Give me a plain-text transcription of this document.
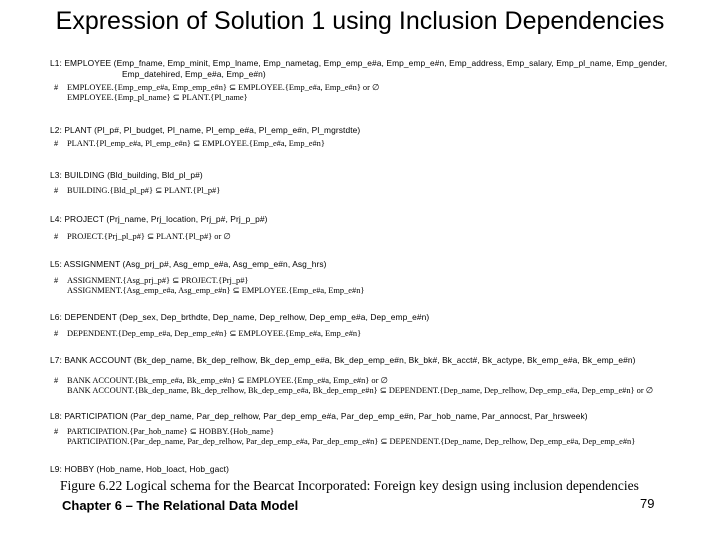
Expression of Solution 1 using Inclusion Dependencies
L1: EMPLOYEE (Emp_fname, Emp_minit, Emp_lname, Emp_nametag, Emp_emp_e#a, Emp_emp_e#n, Emp_address, Emp_salary, Emp_pl_name, Emp_gender,
Emp_datehired, Emp_e#a, Emp_e#n)
# EMPLOYEE.{Emp_emp_e#a, Emp_emp_e#n} ⊆ EMPLOYEE.{Emp_e#a, Emp_e#n} or ∅
EMPLOYEE.{Emp_pl_name} ⊆ PLANT.{Pl_name}
L2: PLANT (Pl_p#, Pl_budget, Pl_name, Pl_emp_e#a, Pl_emp_e#n, Pl_mgrstdte)
# PLANT.{Pl_emp_e#a, Pl_emp_e#n} ⊆ EMPLOYEE.{Emp_e#a, Emp_e#n}
L3: BUILDING (Bld_building, Bld_pl_p#)
# BUILDING.{Bld_pl_p#} ⊆ PLANT.{Pl_p#}
L4: PROJECT (Prj_name, Prj_location, Prj_p#, Prj_p_p#)
# PROJECT.{Prj_pl_p#} ⊆ PLANT.{Pl_p#} or ∅
L5: ASSIGNMENT (Asg_prj_p#, Asg_emp_e#a, Asg_emp_e#n, Asg_hrs)
# ASSIGNMENT.{Asg_prj_p#} ⊆ PROJECT.{Prj_p#}
ASSIGNMENT.{Asg_emp_e#a, Asg_emp_e#n} ⊆ EMPLOYEE.{Emp_e#a, Emp_e#n}
L6: DEPENDENT (Dep_sex, Dep_brthdte, Dep_name, Dep_relhow, Dep_emp_e#a, Dep_emp_e#n)
# DEPENDENT.{Dep_emp_e#a, Dep_emp_e#n} ⊆ EMPLOYEE.{Emp_e#a, Emp_e#n}
L7: BANK ACCOUNT (Bk_dep_name, Bk_dep_relhow, Bk_dep_emp_e#a, Bk_dep_emp_e#n, Bk_bk#, Bk_acct#, Bk_actype, Bk_emp_e#a, Bk_emp_e#n)
# BANK ACCOUNT.{Bk_emp_e#a, Bk_emp_e#n} ⊆ EMPLOYEE.{Emp_e#a, Emp_e#n} or ∅
BANK ACCOUNT.{Bk_dep_name, Bk_dep_relhow, Bk_dep_emp_e#a, Bk_dep_emp_e#n} ⊆ DEPENDENT.{Dep_name, Dep_relhow, Dep_emp_e#a, Dep_emp_e#n} or ∅
L8: PARTICIPATION (Par_dep_name, Par_dep_relhow, Par_dep_emp_e#a, Par_dep_emp_e#n, Par_hob_name, Par_annocst, Par_hrsweek)
# PARTICIPATION.{Par_hob_name} ⊆ HOBBY.{Hob_name}
PARTICIPATION.{Par_dep_name, Par_dep_relhow, Par_dep_emp_e#a, Par_dep_emp_e#n} ⊆ DEPENDENT.{Dep_name, Dep_relhow, Dep_emp_e#a, Dep_emp_e#n}
L9: HOBBY (Hob_name, Hob_loact, Hob_gact)
Figure 6.22 Logical schema for the Bearcat Incorporated: Foreign key design using inclusion dependencies
Chapter 6 – The Relational Data Model	79
